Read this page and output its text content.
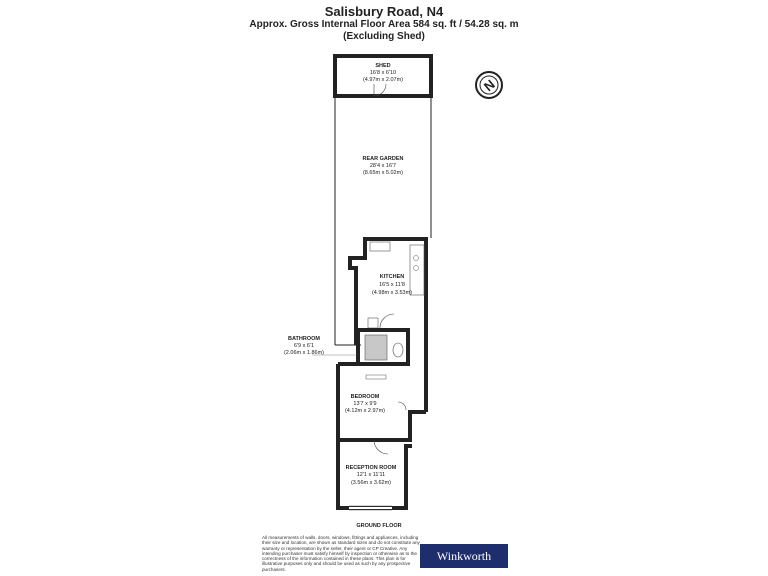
Salisbury Road, N4
Approx. Gross Internal Floor Area 584 sq. ft / 54.28 sq. m
(Excluding Shed)
N
SHED
16'8 x 6'10
(4.97m x 2.07m)
REAR GARDEN
28'4 x 16'7
(8.65m x 5.02m)
KITCHEN
16'5 x 11'8
(4.98m x 3.53m)
BATHROOM
6'9 x 6'1
(2.06m x 1.86m)
BEDROOM
13'7 x 9'9
(4.12m x 2.97m)
RECEPTION ROOM
12'1 x 11'11
(3.56m x 3.62m)
GROUND FLOOR
All measurements of walls, doors, windows, fittings and appliances, including their size and location, are shown as standard sizes and do not constitute any warranty or representation by the seller, their agent or CP Creative. Any intending purchaser must satisfy himself by inspection or otherwise as to the correctness of the information contained in these plans. This plan is for illustrative purposes only and should be used as such by any prospective purchasers.
Winkworth
